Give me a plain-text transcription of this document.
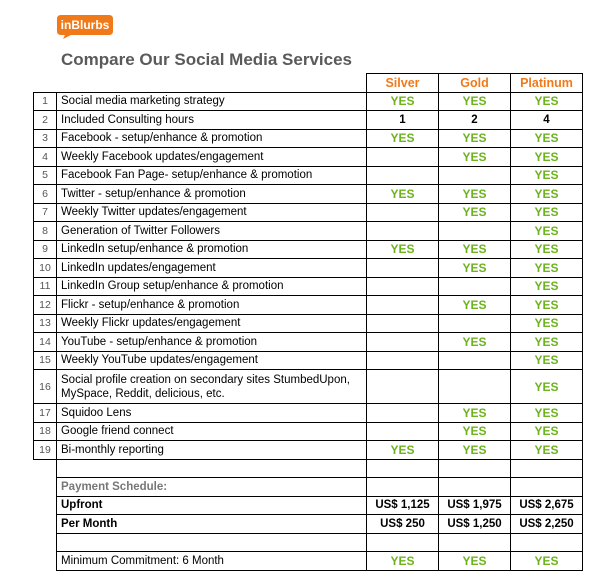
inBlurbs
Compare Our Social Media Services
		Silver	Gold	Platinum
1	Social media marketing strategy	YES	YES	YES
2	Included Consulting hours	1	2	4
3	Facebook - setup/enhance & promotion	YES	YES	YES
4	Weekly Facebook updates/engagement		YES	YES
5	Facebook Fan Page- setup/enhance & promotion			YES
6	Twitter - setup/enhance & promotion	YES	YES	YES
7	Weekly Twitter updates/engagement		YES	YES
8	Generation of Twitter Followers			YES
9	LinkedIn setup/enhance & promotion	YES	YES	YES
10	LinkedIn updates/engagement		YES	YES
11	LinkedIn Group setup/enhance & promotion			YES
12	Flickr - setup/enhance & promotion		YES	YES
13	Weekly Flickr updates/engagement			YES
14	YouTube - setup/enhance & promotion		YES	YES
15	Weekly YouTube updates/engagement			YES
16	Social profile creation on secondary sites StumbedUpon, MySpace, Reddit, delicious, etc.			YES
17	Squidoo Lens		YES	YES
18	Google friend connect		YES	YES
19	Bi-monthly reporting	YES	YES	YES

	Payment Schedule:			
	Upfront	US$ 1,125	US$ 1,975	US$ 2,675
	Per Month	US$ 250	US$ 1,250	US$ 2,250

	Minimum Commitment: 6 Month	YES	YES	YES
